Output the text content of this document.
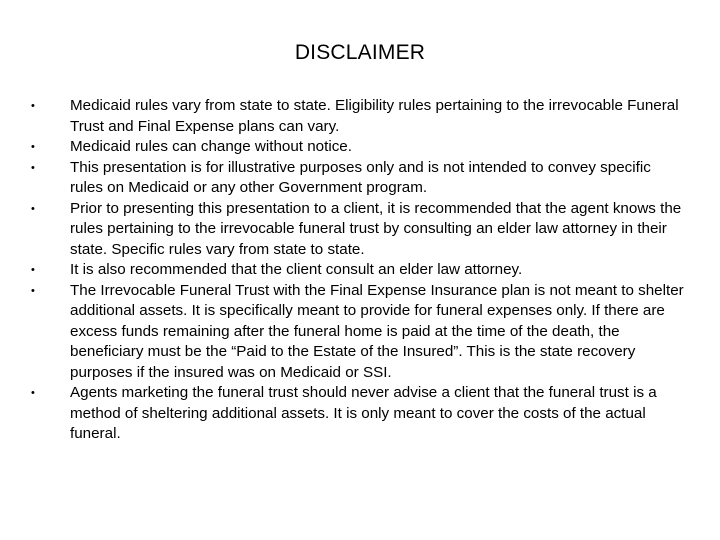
DISCLAIMER
• Medicaid rules vary from state to state. Eligibility rules pertaining to the irrevocable Funeral Trust and Final Expense plans can vary.
• Medicaid rules can change without notice.
• This presentation is for illustrative purposes only and is not intended to convey specific rules on Medicaid or any other Government program.
• Prior to presenting this presentation to a client, it is recommended that the agent knows the rules pertaining to the irrevocable funeral trust by consulting an elder law attorney in their state. Specific rules vary from state to state.
• It is also recommended that the client consult an elder law attorney.
• The Irrevocable Funeral Trust with the Final Expense Insurance plan is not meant to shelter additional assets. It is specifically meant to provide for funeral expenses only. If there are excess funds remaining after the funeral home is paid at the time of the death, the beneficiary must be the “Paid to the Estate of the Insured”. This is the state recovery purposes if the insured was on Medicaid or SSI.
• Agents marketing the funeral trust should never advise a client that the funeral trust is a method of sheltering additional assets. It is only meant to cover the costs of the actual funeral.
